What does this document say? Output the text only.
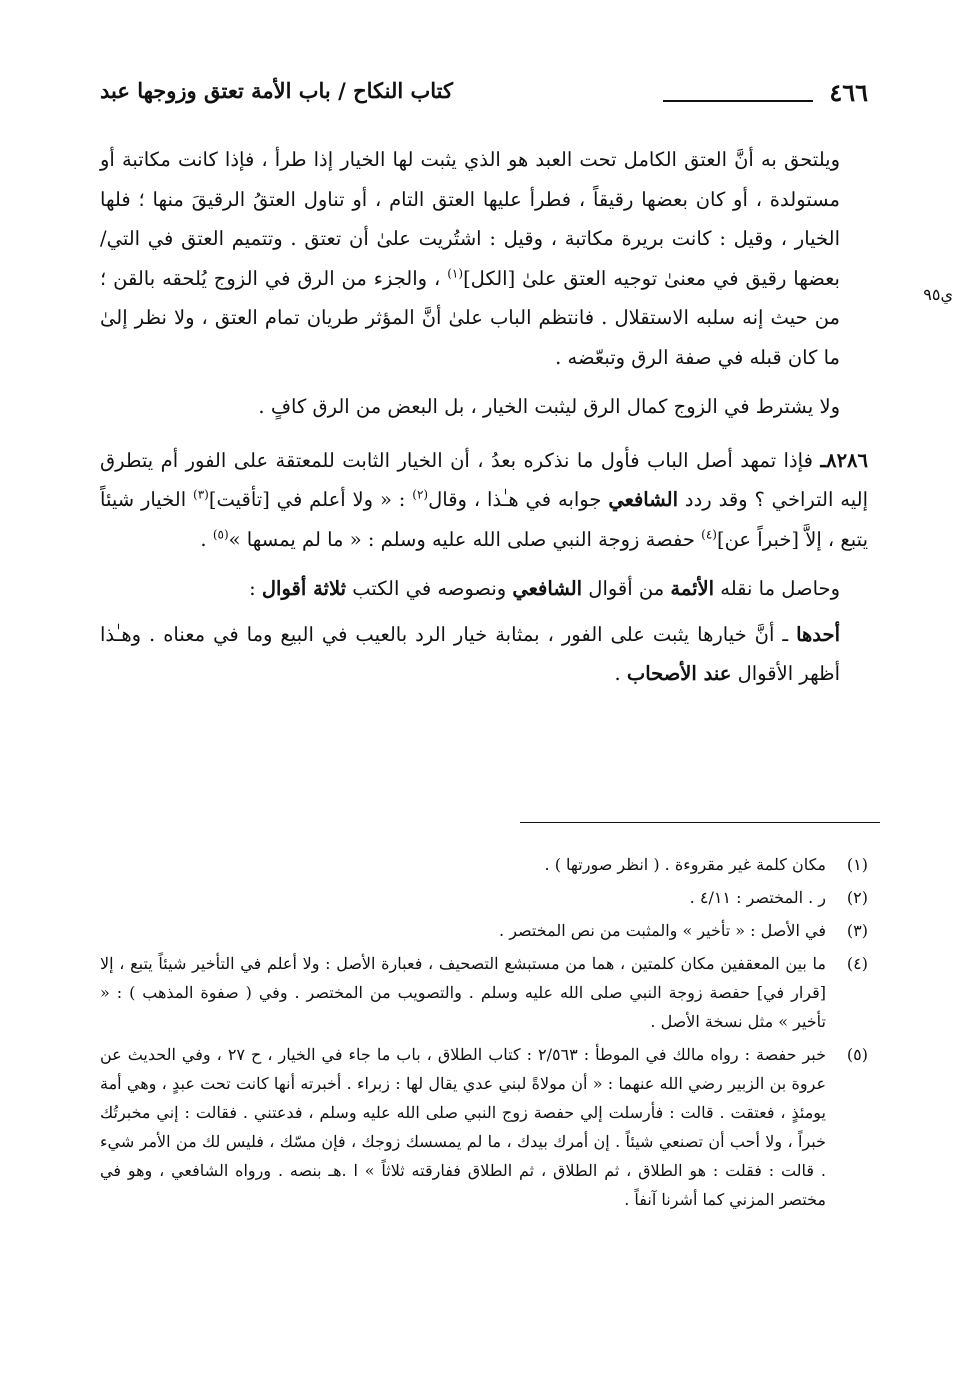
٤٦٦
كتاب النكاح / باب الأمة تعتق وزوجها عبد
ي٩٥

ويلتحق به أنَّ العتق الكامل تحت العبد هو الذي يثبت لها الخيار إذا طرأ ، فإذا كانت مكاتبة أو مستولدة ، أو كان بعضها رقيقاً ، فطرأ عليها العتق التام ، أو تناول العتقُ الرقيقَ منها ؛ فلها الخيار ، وقيل : كانت بريرة مكاتبة ، وقيل : اشتُريت علىٰ أن تعتق . وتتميم العتق في التي/ بعضها رقيق في معنىٰ توجيه العتق علىٰ [الكل]$^{(١)}$ ، والجزء من الرق في الزوج يُلحقه بالقن ؛ من حيث إنه سلبه الاستقلال . فانتظم الباب علىٰ أنَّ المؤثر طريان تمام العتق ، ولا نظر إلىٰ ما كان قبله في صفة الرق وتبعّضه .

ولا يشترط في الزوج كمال الرق ليثبت الخيار ، بل البعض من الرق كافٍ .

٨٢٨٦ـ فإذا تمهد أصل الباب فأول ما نذكره بعدُ ، أن الخيار الثابت للمعتقة على الفور أم يتطرق إليه التراخي ؟ وقد ردد الشافعي جوابه في هـٰذا ، وقال$^{(٢)}$ : « ولا أعلم في [تأقيت]$^{(٣)}$ الخيار شيئاً يتبع ، إلاَّ [خبراً عن]$^{(٤)}$ حفصة زوجة النبي صلى الله عليه وسلم : « ما لم يمسها »$^{(٥)}$ .

وحاصل ما نقله الأئمة من أقوال الشافعي ونصوصه في الكتب ثلاثة أقوال :

أحدها ـ أنَّ خيارها يثبت على الفور ، بمثابة خيار الرد بالعيب في البيع وما في معناه . وهـٰذا أظهر الأقوال عند الأصحاب .

(١)
مكان كلمة غير مقروءة . ( انظر صورتها ) .
(٢)
ر . المختصر : ٤/١١ .
(٣)
في الأصل : « تأخير » والمثبت من نص المختصر .
(٤)
ما بين المعقفين مكان كلمتين ، هما من مستبشع التصحيف ، فعبارة الأصل : ولا أعلم في التأخير شيئاً يتبع ، إلا [قرار في] حفصة زوجة النبي صلى الله عليه وسلم . والتصويب من المختصر . وفي ( صفوة المذهب ) : « تأخير » مثل نسخة الأصل .
(٥)
خبر حفصة : رواه مالك في الموطأ : ٢/٥٦٣ : كتاب الطلاق ، باب ما جاء في الخيار ، ح ٢٧ ، وفي الحديث عن عروة بن الزبير رضي الله عنهما : « أن مولاةً لبني عدي يقال لها : زبراء . أخبرته أنها كانت تحت عبدٍ ، وهي أمة يومئذٍ ، فعتقت . قالت : فأرسلت إلي حفصة زوج النبي صلى الله عليه وسلم ، فدعتني . فقالت : إني مخبرتُك خبراً ، ولا أحب أن تصنعي شيئاً . إن أمرك بيدك ، ما لم يمسسك زوجك ، فإن مسّك ، فليس لك من الأمر شيء . قالت : فقلت : هو الطلاق ، ثم الطلاق ، ثم الطلاق ففارقته ثلاثاً » ا .هـ بنصه . ورواه الشافعي ، وهو في مختصر المزني كما أشرنا آنفاً .
